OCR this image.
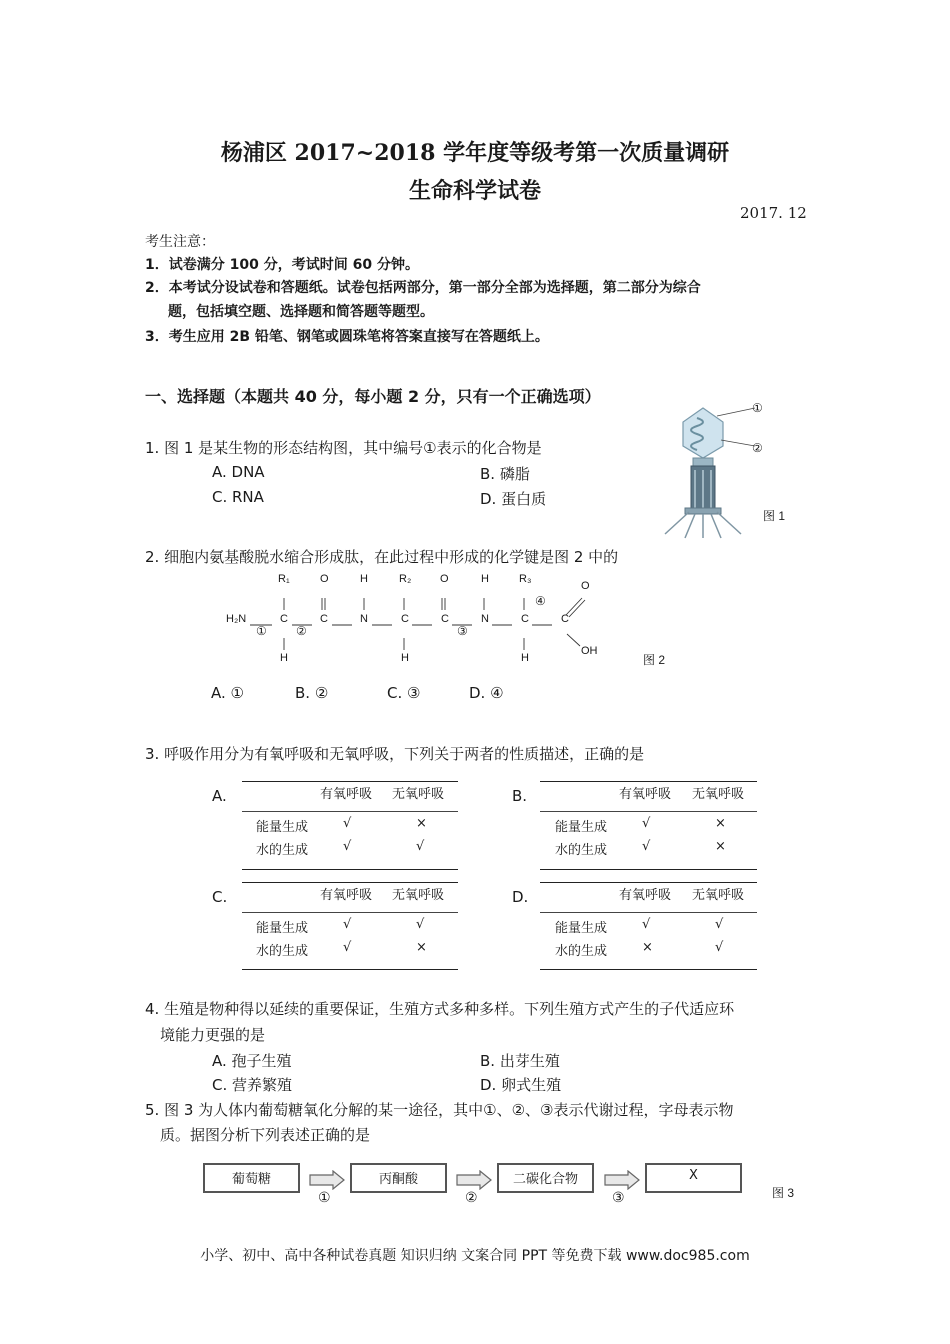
杨浦区 2017~2018 学年度等级考第一次质量调研
生命科学试卷
2017. 12
考生注意：
1．试卷满分 100 分，考试时间 60 分钟。
2．本考试分设试卷和答题纸。试卷包括两部分，第一部分全部为选择题，第二部分为综合
题，包括填空题、选择题和简答题等题型。
3．考生应用 2B 铅笔、钢笔或圆珠笔将答案直接写在答题纸上。
一、选择题（本题共 40 分，每小题 2 分，只有一个正确选项）
1. 图 1 是某生物的形态结构图，其中编号①表示的化合物是
A. DNA	B. 磷脂
C. RNA	D. 蛋白质
①
②
图 1
2. 细胞内氨基酸脱水缩合形成肽，在此过程中形成的化学键是图 2 中的
R₁	O	H	R₂	O	H	R₃
O
H₂N	C	C	N	C	C	N	C	C
OH
H	H	H
① ②	③
④
图 2
A. ①	B. ②	C. ③	D. ④
3. 呼吸作用分为有氧呼吸和无氧呼吸，下列关于两者的性质描述，正确的是
A.	有氧呼吸 无氧呼吸
能量生成	√	×
水的生成	√	√
B.	有氧呼吸 无氧呼吸
能量生成	√	×
水的生成	√	×
C.	有氧呼吸 无氧呼吸
能量生成	√	√
水的生成	√	×
D.	有氧呼吸 无氧呼吸
能量生成	√	√
水的生成	×	√
4. 生殖是物种得以延续的重要保证，生殖方式多种多样。下列生殖方式产生的子代适应环
境能力更强的是
A. 孢子生殖	B. 出芽生殖
C. 营养繁殖	D. 卵式生殖
5. 图 3 为人体内葡萄糖氧化分解的某一途径，其中①、②、③表示代谢过程，字母表示物
质。据图分析下列表述正确的是
葡萄糖	丙酮酸	二碳化合物	X
①	②	③	图 3
小学、初中、高中各种试卷真题 知识归纳 文案合同 PPT 等免费下载 www.doc985.com
